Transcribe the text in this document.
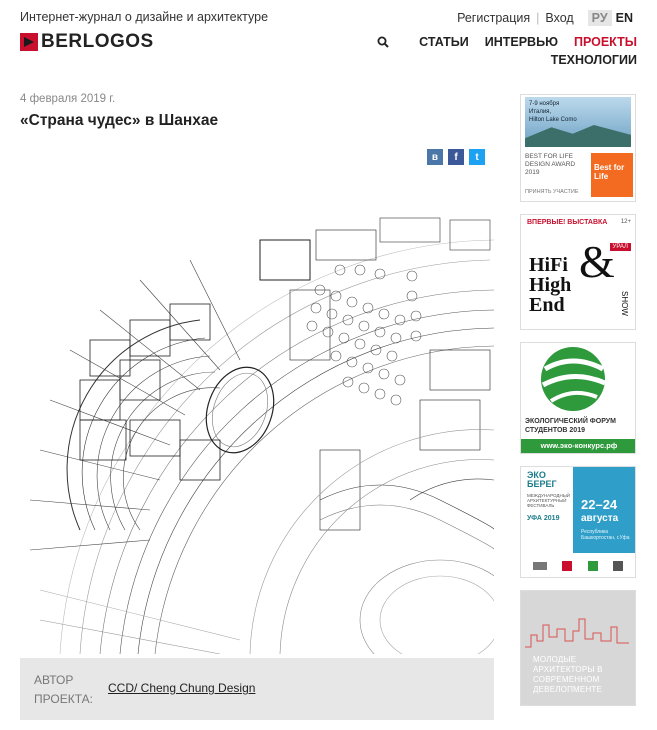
Интернет-журнал о дизайне и архитектуре
BERLOGOS
Регистрация | Вход	РУ EN
СТАТЬИ ИНТЕРВЬЮ ПРОЕКТЫ
ТЕХНОЛОГИИ
4 февраля 2019 г.
«Страна чудес» в Шанхае
в	f	t
АВТОР ПРОЕКТА:
CCD/ Cheng Chung Design
7-9 ноября
Италия,
Hilton Lake Como
BEST FOR LIFE DESIGN AWARD 2019
ПРИНЯТЬ УЧАСТИЕ
Best for Life
ВПЕРВЫЕ! ВЫСТАВКА 12+
УРАЛ
HiFi
High
End
&
SHOW
ЭКОЛОГИЧЕСКИЙ ФОРУМ СТУДЕНТОВ 2019
www.эко-конкурс.рф
ЭКО
БЕРЕГ
МЕЖДУНАРОДНЫЙ АРХИТЕКТУРНЫЙ ФЕСТИВАЛЬ
УФА 2019
22–24
августа
Республика Башкортостан, г.Уфа
МОЛОДЫЕ АРХИТЕКТОРЫ В СОВРЕМЕННОМ ДЕВЕЛОПМЕНТЕ
